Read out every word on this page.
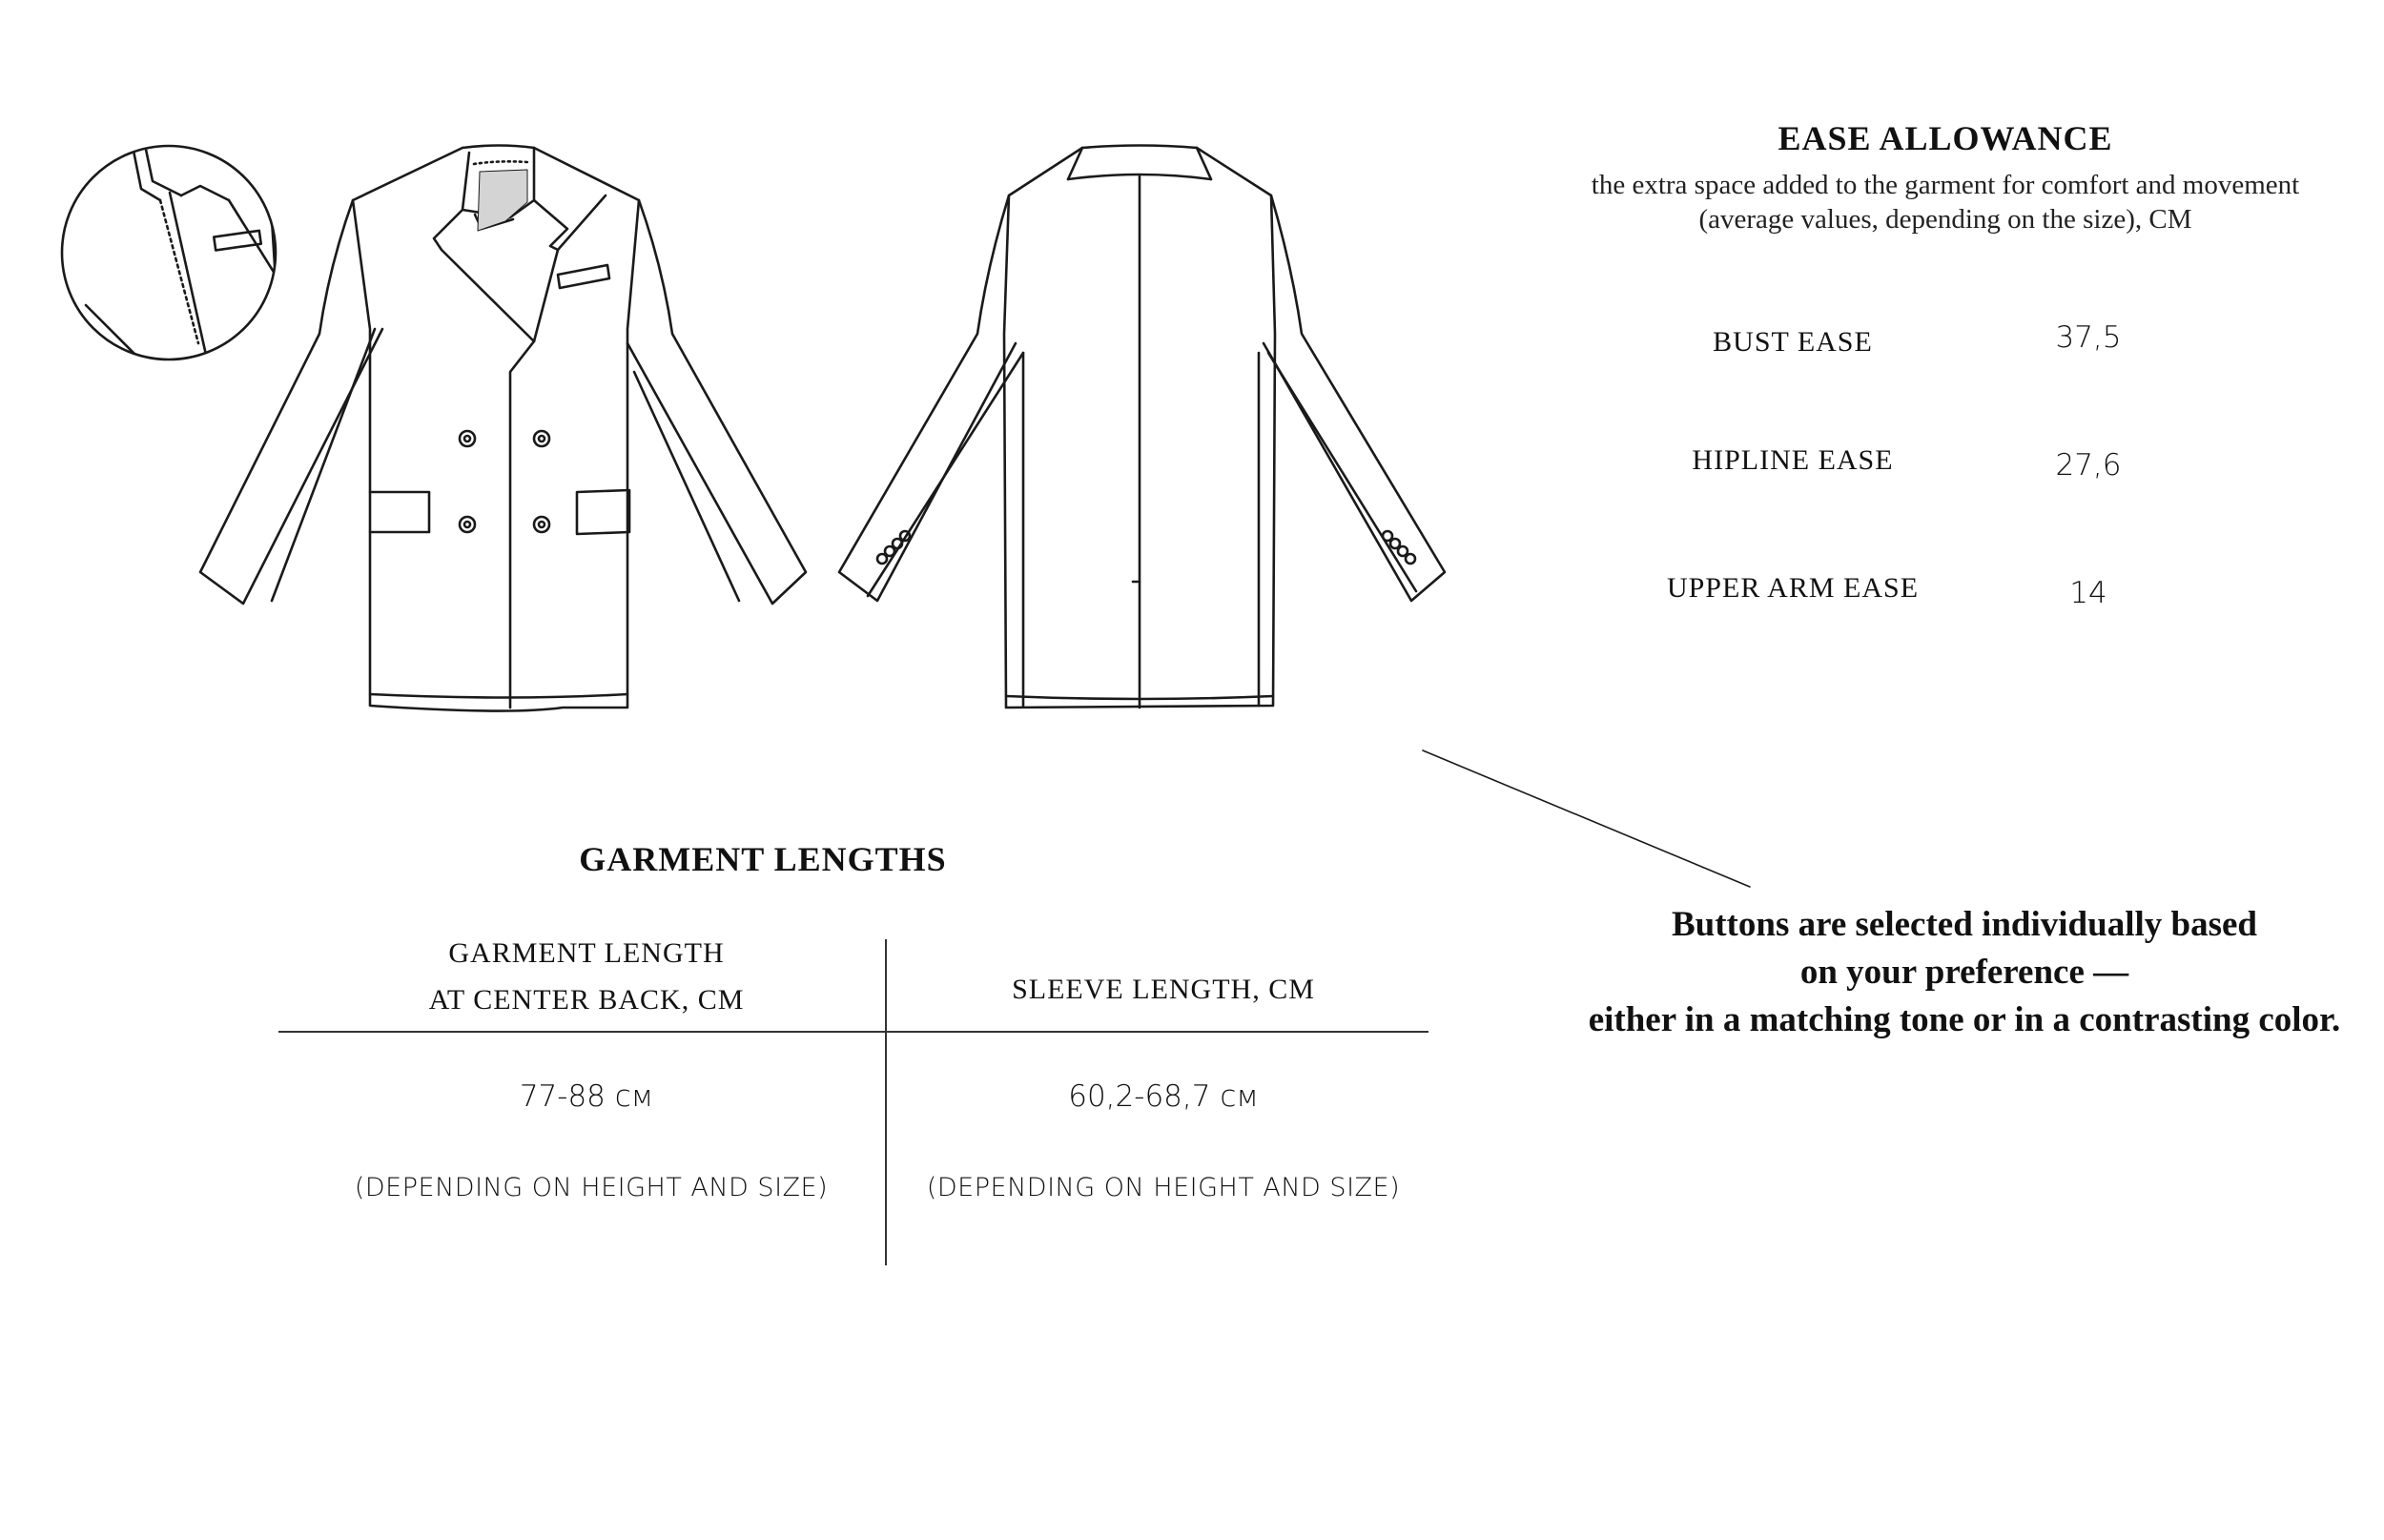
EASE ALLOWANCE
the extra space added to the garment for comfort and movement
(average values, depending on the size), CM
BUST EASE	37,5
HIPLINE EASE	27,6
UPPER ARM EASE	14
GARMENT LENGTHS
GARMENT LENGTH
AT CENTER BACK, CM	SLEEVE LENGTH, CM
77-88 см	60,2-68,7 см
(DEPENDING ON HEIGHT AND SIZE)	(DEPENDING ON HEIGHT AND SIZE)
Buttons are selected individually based
on your preference —
either in a matching tone or in a contrasting color.
